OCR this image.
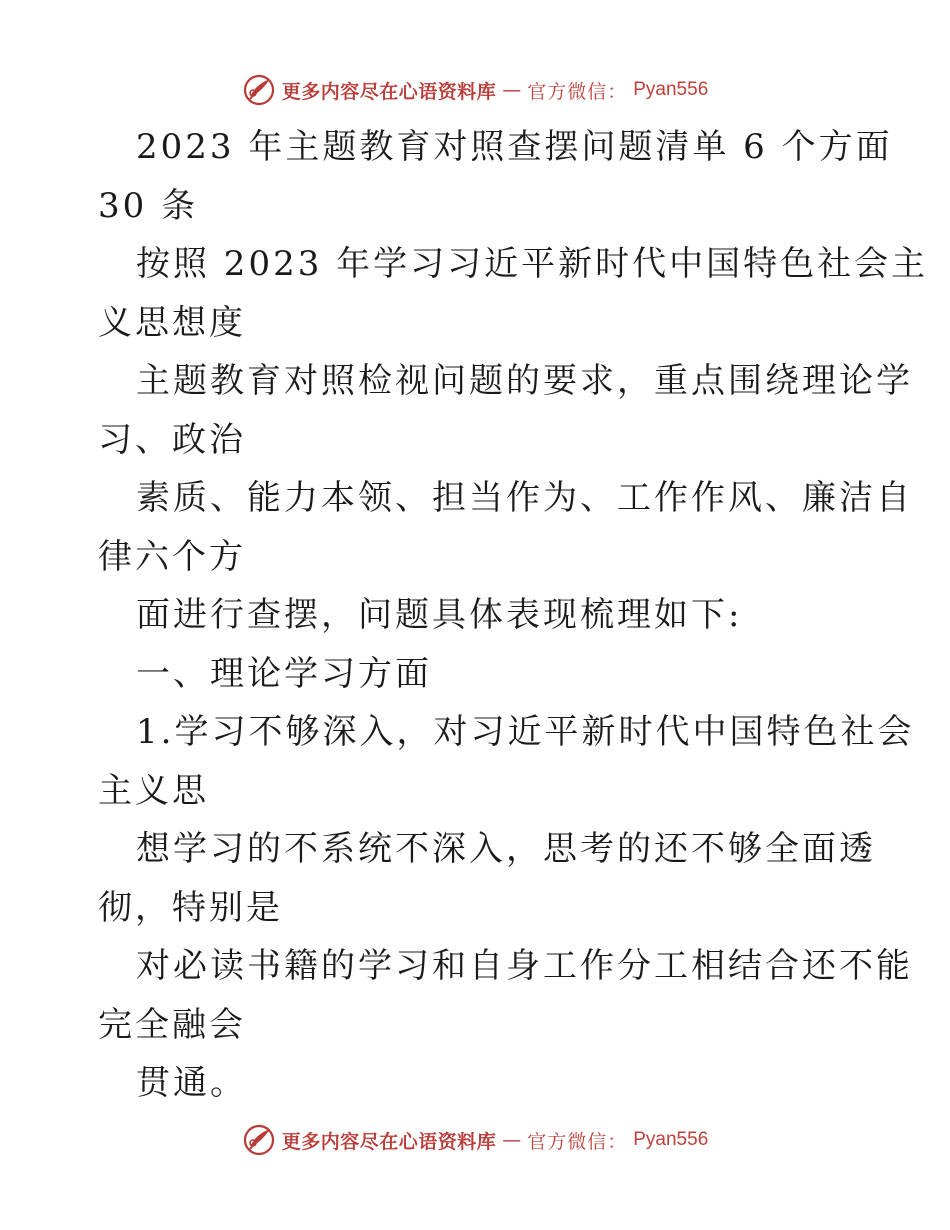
更多内容尽在心语资料库 — 官方微信： Pyan556
2023 年主题教育对照查摆问题清单 6 个方面
30 条
按照 2023 年学习习近平新时代中国特色社会主
义思想度
主题教育对照检视问题的要求，重点围绕理论学
习、政治
素质、能力本领、担当作为、工作作风、廉洁自
律六个方
面进行查摆，问题具体表现梳理如下:
一、理论学习方面
1.学习不够深入，对习近平新时代中国特色社会
主义思
想学习的不系统不深入，思考的还不够全面透
彻，特别是
对必读书籍的学习和自身工作分工相结合还不能
完全融会
贯通。
更多内容尽在心语资料库 — 官方微信： Pyan556
